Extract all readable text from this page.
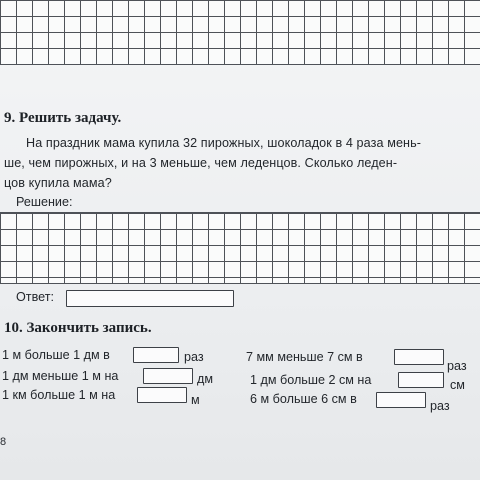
9. Решить задачу.
На праздник мама купила 32 пирожных, шоколадок в 4 раза мень-
ше, чем пирожных, и на 3 меньше, чем леденцов. Сколько леден-
цов купила мама?
Решение:
Ответ:
10. Закончить запись.
1 м больше 1 дм в	раз
1 дм меньше 1 м на	дм
1 км больше 1 м на	м
7 мм меньше 7 см в
раз
1 дм больше 2 см на	см
6 м больше 6 см в	раз
8
